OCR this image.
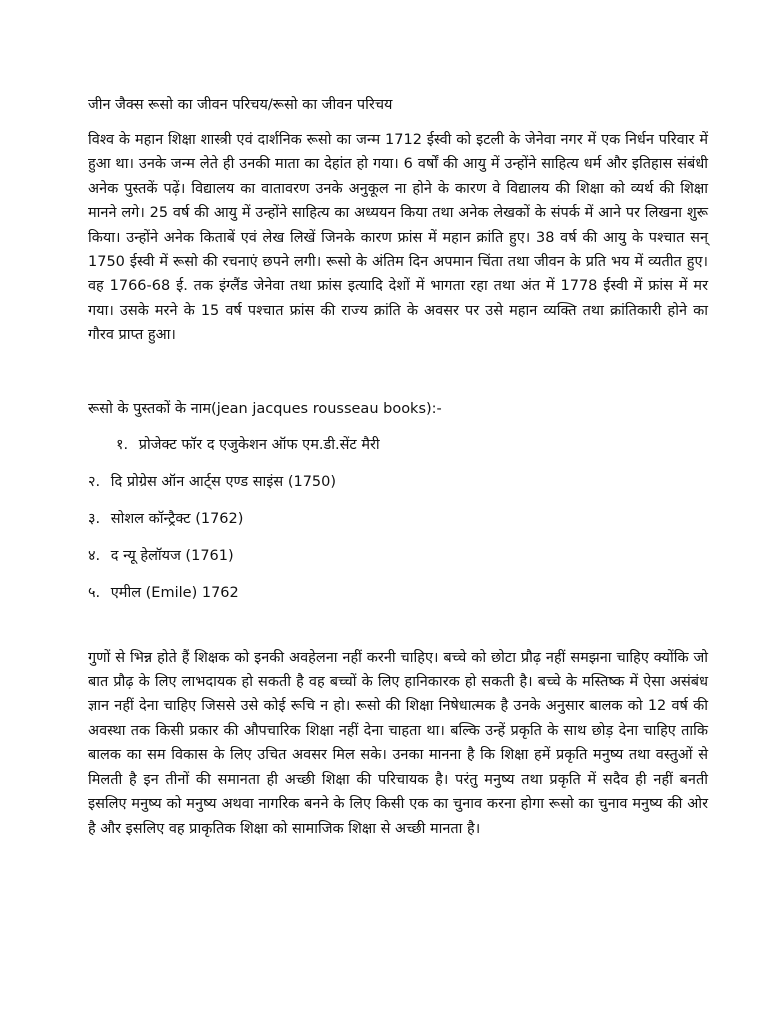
जीन जैक्स रूसो का जीवन परिचय/रूसो का जीवन परिचय

विश्व के महान शिक्षा शास्त्री एवं दार्शनिक रूसो का जन्म 1712 ईस्वी को इटली के जेनेवा नगर में एक निर्धन परिवार में हुआ था। उनके जन्म लेते ही उनकी माता का देहांत हो गया। 6 वर्षों की आयु में उन्होंने साहित्य धर्म और इतिहास संबंधी अनेक पुस्तकें पढ़ें। विद्यालय का वातावरण उनके अनुकूल ना होने के कारण वे विद्यालय की शिक्षा को व्यर्थ की शिक्षा मानने लगे। 25 वर्ष की आयु में उन्होंने साहित्य का अध्ययन किया तथा अनेक लेखकों के संपर्क में आने पर लिखना शुरू किया। उन्होंने अनेक किताबें एवं लेख लिखें जिनके कारण फ्रांस में महान क्रांति हुए। 38 वर्ष की आयु के पश्चात सन् 1750 ईस्वी में रूसो की रचनाएं छपने लगी। रूसो के अंतिम दिन अपमान चिंता तथा जीवन के प्रति भय में व्यतीत हुए। वह 1766-68 ई. तक इंग्लैंड जेनेवा तथा फ्रांस इत्यादि देशों में भागता रहा तथा अंत में 1778 ईस्वी में फ्रांस में मर गया। उसके मरने के 15 वर्ष पश्चात फ्रांस की राज्य क्रांति के अवसर पर उसे महान व्यक्ति तथा क्रांतिकारी होने का गौरव प्राप्त हुआ।

रूसो के पुस्तकों के नाम(jean jacques rousseau books):-
१. प्रोजेक्ट फॉर द एजुकेशन ऑफ एम.डी.सेंट मैरी
२. दि प्रोग्रेस ऑन आर्ट्स एण्ड साइंस (1750)
३. सोशल कॉन्ट्रैक्ट (1762)
४. द न्यू हेलॉयज (1761)
५. एमील (Emile) 1762

गुणों से भिन्न होते हैं शिक्षक को इनकी अवहेलना नहीं करनी चाहिए। बच्चे को छोटा प्रौढ़ नहीं समझना चाहिए क्योंकि जो बात प्रौढ़ के लिए लाभदायक हो सकती है वह बच्चों के लिए हानिकारक हो सकती है। बच्चे के मस्तिष्क में ऐसा असंबंध ज्ञान नहीं देना चाहिए जिससे उसे कोई रूचि न हो। रूसो की शिक्षा निषेधात्मक है उनके अनुसार बालक को 12 वर्ष की अवस्था तक किसी प्रकार की औपचारिक शिक्षा नहीं देना चाहता था। बल्कि उन्हें प्रकृति के साथ छोड़ देना चाहिए ताकि बालक का सम विकास के लिए उचित अवसर मिल सके। उनका मानना है कि शिक्षा हमें प्रकृति मनुष्य तथा वस्तुओं से मिलती है इन तीनों की समानता ही अच्छी शिक्षा की परिचायक है। परंतु मनुष्य तथा प्रकृति में सदैव ही नहीं बनती इसलिए मनुष्य को मनुष्य अथवा नागरिक बनने के लिए किसी एक का चुनाव करना होगा रूसो का चुनाव मनुष्य की ओर है और इसलिए वह प्राकृतिक शिक्षा को सामाजिक शिक्षा से अच्छी मानता है।
